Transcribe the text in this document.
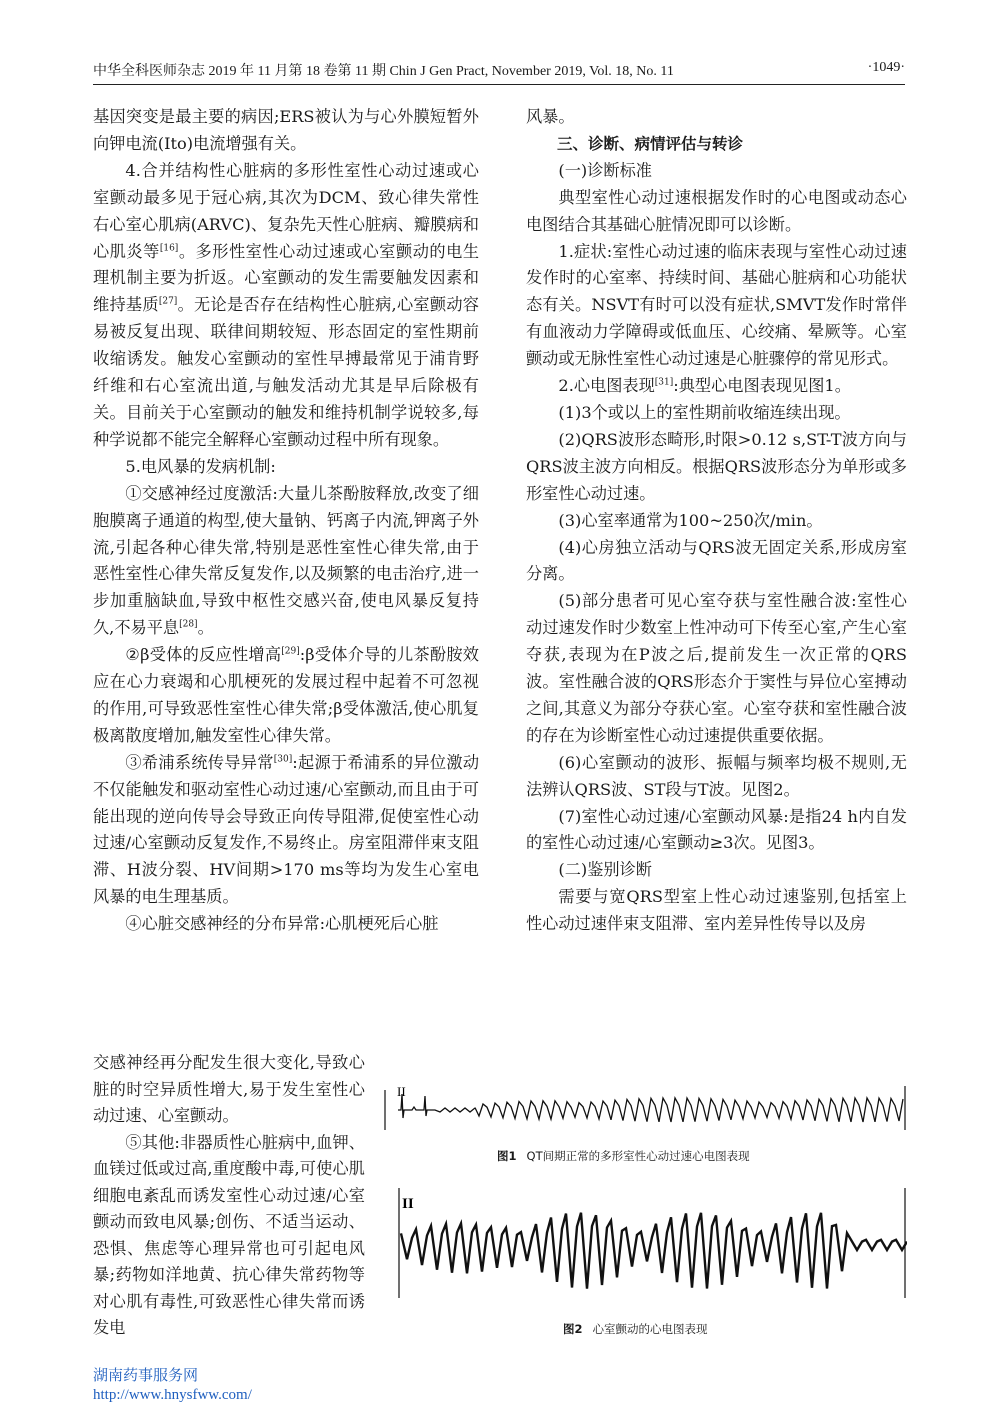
中华全科医师杂志 2019 年 11 月第 18 卷第 11 期 Chin J Gen Pract, November 2019, Vol. 18, No. 11	·1049·

基因突变是最主要的病因;ERS被认为与心外膜短暂外向钾电流(Ito)电流增强有关。

4.合并结构性心脏病的多形性室性心动过速或心室颤动最多见于冠心病,其次为DCM、致心律失常性右心室心肌病(ARVC)、复杂先天性心脏病、瓣膜病和心肌炎等[16]。多形性室性心动过速或心室颤动的电生理机制主要为折返。心室颤动的发生需要触发因素和维持基质[27]。无论是否存在结构性心脏病,心室颤动容易被反复出现、联律间期较短、形态固定的室性期前收缩诱发。触发心室颤动的室性早搏最常见于浦肯野纤维和右心室流出道,与触发活动尤其是早后除极有关。目前关于心室颤动的触发和维持机制学说较多,每种学说都不能完全解释心室颤动过程中所有现象。

5.电风暴的发病机制:

①交感神经过度激活:大量儿茶酚胺释放,改变了细胞膜离子通道的构型,使大量钠、钙离子内流,钾离子外流,引起各种心律失常,特别是恶性室性心律失常,由于恶性室性心律失常反复发作,以及频繁的电击治疗,进一步加重脑缺血,导致中枢性交感兴奋,使电风暴反复持久,不易平息[28]。

②β受体的反应性增高[29]:β受体介导的儿茶酚胺效应在心力衰竭和心肌梗死的发展过程中起着不可忽视的作用,可导致恶性室性心律失常;β受体激活,使心肌复极离散度增加,触发室性心律失常。

③希浦系统传导异常[30]:起源于希浦系的异位激动不仅能触发和驱动室性心动过速/心室颤动,而且由于可能出现的逆向传导会导致正向传导阻滞,促使室性心动过速/心室颤动反复发作,不易终止。房室阻滞伴束支阻滞、H波分裂、HV间期>170 ms等均为发生心室电风暴的电生理基质。

④心脏交感神经的分布异常:心肌梗死后心脏

交感神经再分配发生很大变化,导致心脏的时空异质性增大,易于发生室性心动过速、心室颤动。

⑤其他:非器质性心脏病中,血钾、血镁过低或过高,重度酸中毒,可使心肌细胞电紊乱而诱发室性心动过速/心室颤动而致电风暴;创伤、不适当运动、恐惧、焦虑等心理异常也可引起电风暴;药物如洋地黄、抗心律失常药物等对心肌有毒性,可致恶性心律失常而诱发电

风暴。

三、诊断、病情评估与转诊

(一)诊断标准

典型室性心动过速根据发作时的心电图或动态心电图结合其基础心脏情况即可以诊断。

1.症状:室性心动过速的临床表现与室性心动过速发作时的心室率、持续时间、基础心脏病和心功能状态有关。NSVT有时可以没有症状,SMVT发作时常伴有血液动力学障碍或低血压、心绞痛、晕厥等。心室颤动或无脉性室性心动过速是心脏骤停的常见形式。

2.心电图表现[31]:典型心电图表现见图1。

(1)3个或以上的室性期前收缩连续出现。

(2)QRS波形态畸形,时限>0.12 s,ST-T波方向与QRS波主波方向相反。根据QRS波形态分为单形或多形室性心动过速。

(3)心室率通常为100~250次/min。

(4)心房独立活动与QRS波无固定关系,形成房室分离。

(5)部分患者可见心室夺获与室性融合波:室性心动过速发作时少数室上性冲动可下传至心室,产生心室夺获,表现为在P波之后,提前发生一次正常的QRS波。室性融合波的QRS形态介于窦性与异位心室搏动之间,其意义为部分夺获心室。心室夺获和室性融合波的存在为诊断室性心动过速提供重要依据。

(6)心室颤动的波形、振幅与频率均极不规则,无法辨认QRS波、ST段与T波。见图2。

(7)室性心动过速/心室颤动风暴:是指24 h内自发的室性心动过速/心室颤动≥3次。见图3。

(二)鉴别诊断

需要与宽QRS型室上性心动过速鉴别,包括室上性心动过速伴束支阻滞、室内差异性传导以及房

II
图1 QT间期正常的多形室性心动过速心电图表现
II
图2 心室颤动的心电图表现
湖南药事服务网
http://www.hnysfww.com/
